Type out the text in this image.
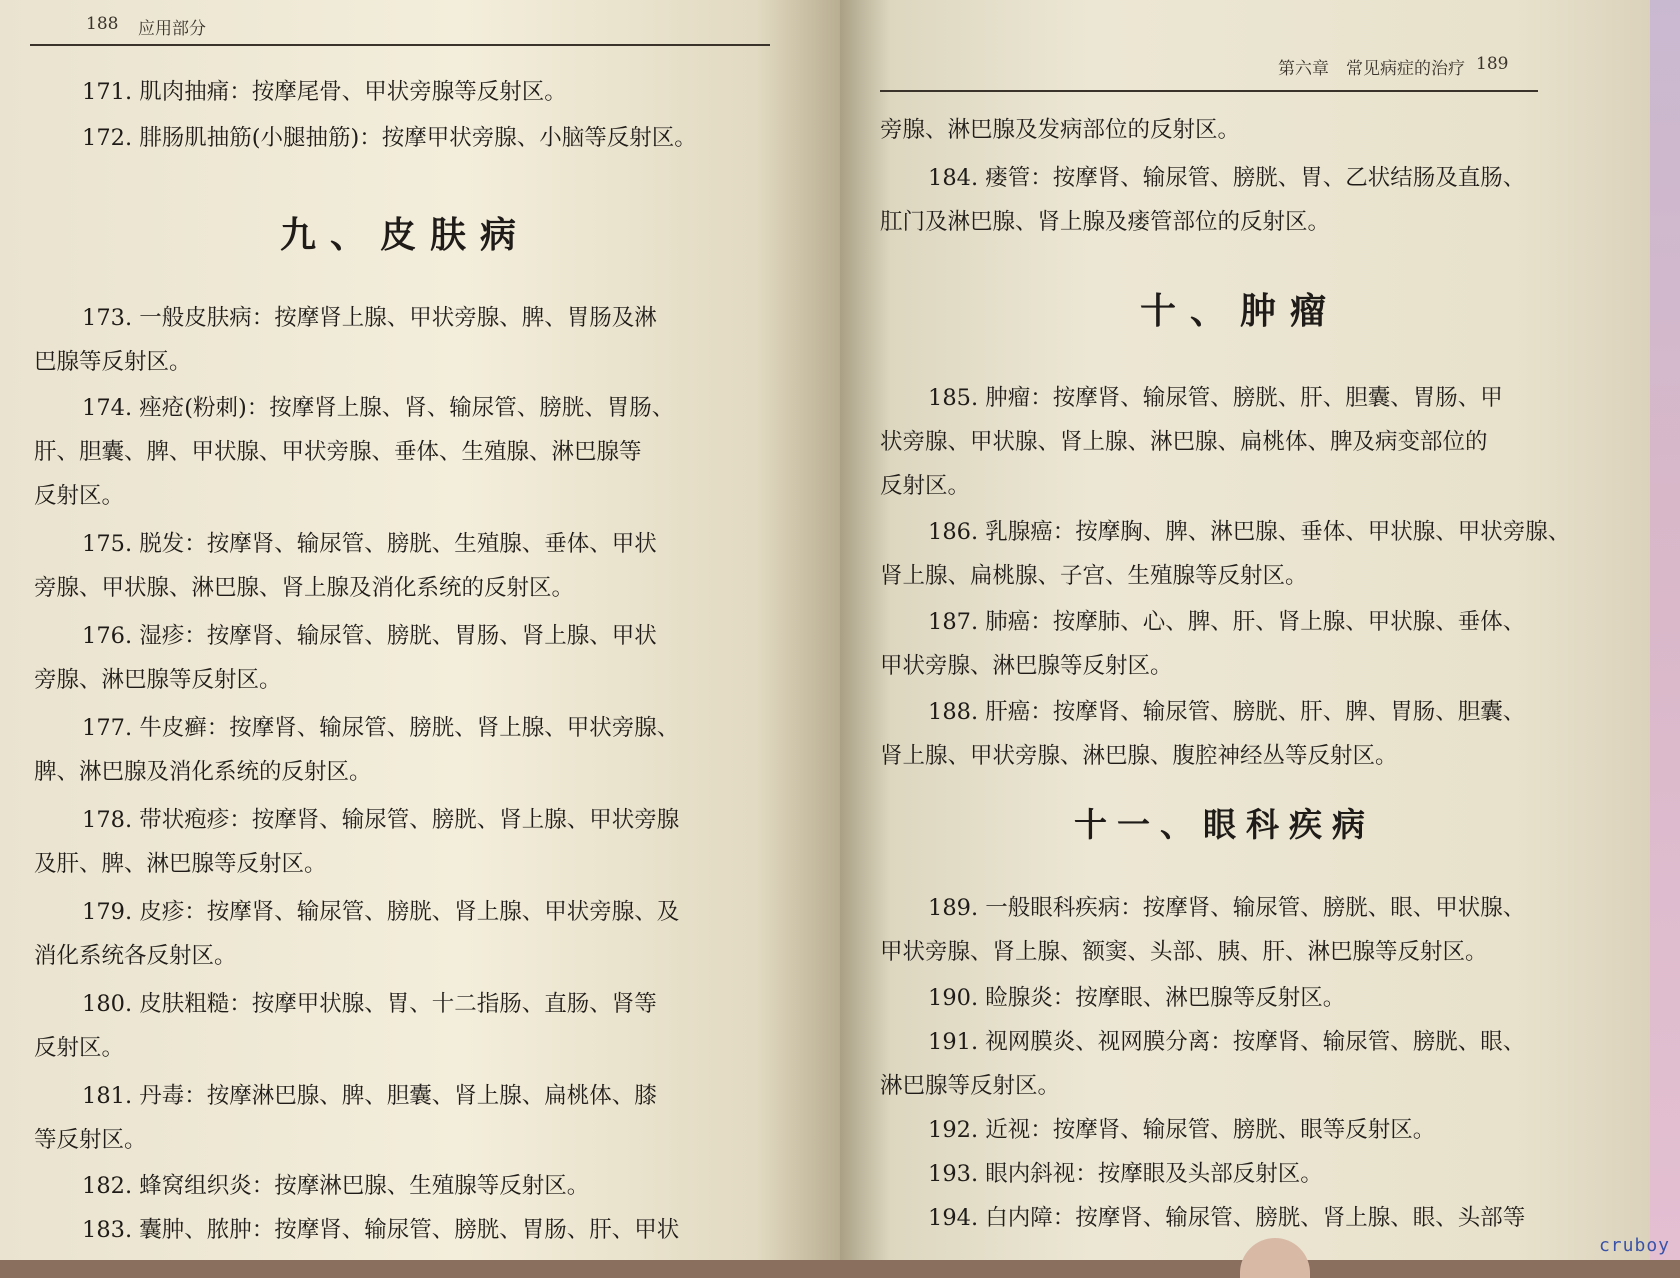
188 应用部分
171. 肌肉抽痛：按摩尾骨、甲状旁腺等反射区。
172. 腓肠肌抽筋(小腿抽筋)：按摩甲状旁腺、小脑等反射区。
九、皮肤病
173. 一般皮肤病：按摩肾上腺、甲状旁腺、脾、胃肠及淋
巴腺等反射区。
174. 痤疮(粉刺)：按摩肾上腺、肾、输尿管、膀胱、胃肠、
肝、胆囊、脾、甲状腺、甲状旁腺、垂体、生殖腺、淋巴腺等
反射区。
175. 脱发：按摩肾、输尿管、膀胱、生殖腺、垂体、甲状
旁腺、甲状腺、淋巴腺、肾上腺及消化系统的反射区。
176. 湿疹：按摩肾、输尿管、膀胱、胃肠、肾上腺、甲状
旁腺、淋巴腺等反射区。
177. 牛皮癣：按摩肾、输尿管、膀胱、肾上腺、甲状旁腺、
脾、淋巴腺及消化系统的反射区。
178. 带状疱疹：按摩肾、输尿管、膀胱、肾上腺、甲状旁腺
及肝、脾、淋巴腺等反射区。
179. 皮疹：按摩肾、输尿管、膀胱、肾上腺、甲状旁腺、及
消化系统各反射区。
180. 皮肤粗糙：按摩甲状腺、胃、十二指肠、直肠、肾等
反射区。
181. 丹毒：按摩淋巴腺、脾、胆囊、肾上腺、扁桃体、膝
等反射区。
182. 蜂窝组织炎：按摩淋巴腺、生殖腺等反射区。
183. 囊肿、脓肿：按摩肾、输尿管、膀胱、胃肠、肝、甲状
第六章　常见病症的治疗 189
旁腺、淋巴腺及发病部位的反射区。
184. 瘘管：按摩肾、输尿管、膀胱、胃、乙状结肠及直肠、
肛门及淋巴腺、肾上腺及瘘管部位的反射区。
十、肿瘤
185. 肿瘤：按摩肾、输尿管、膀胱、肝、胆囊、胃肠、甲
状旁腺、甲状腺、肾上腺、淋巴腺、扁桃体、脾及病变部位的
反射区。
186. 乳腺癌：按摩胸、脾、淋巴腺、垂体、甲状腺、甲状旁腺、
肾上腺、扁桃腺、子宫、生殖腺等反射区。
187. 肺癌：按摩肺、心、脾、肝、肾上腺、甲状腺、垂体、
甲状旁腺、淋巴腺等反射区。
188. 肝癌：按摩肾、输尿管、膀胱、肝、脾、胃肠、胆囊、
肾上腺、甲状旁腺、淋巴腺、腹腔神经丛等反射区。
十一、眼科疾病
189. 一般眼科疾病：按摩肾、输尿管、膀胱、眼、甲状腺、
甲状旁腺、肾上腺、额窦、头部、胰、肝、淋巴腺等反射区。
190. 睑腺炎：按摩眼、淋巴腺等反射区。
191. 视网膜炎、视网膜分离：按摩肾、输尿管、膀胱、眼、
淋巴腺等反射区。
192. 近视：按摩肾、输尿管、膀胱、眼等反射区。
193. 眼内斜视：按摩眼及头部反射区。
194. 白内障：按摩肾、输尿管、膀胱、肾上腺、眼、头部等
cruboy
